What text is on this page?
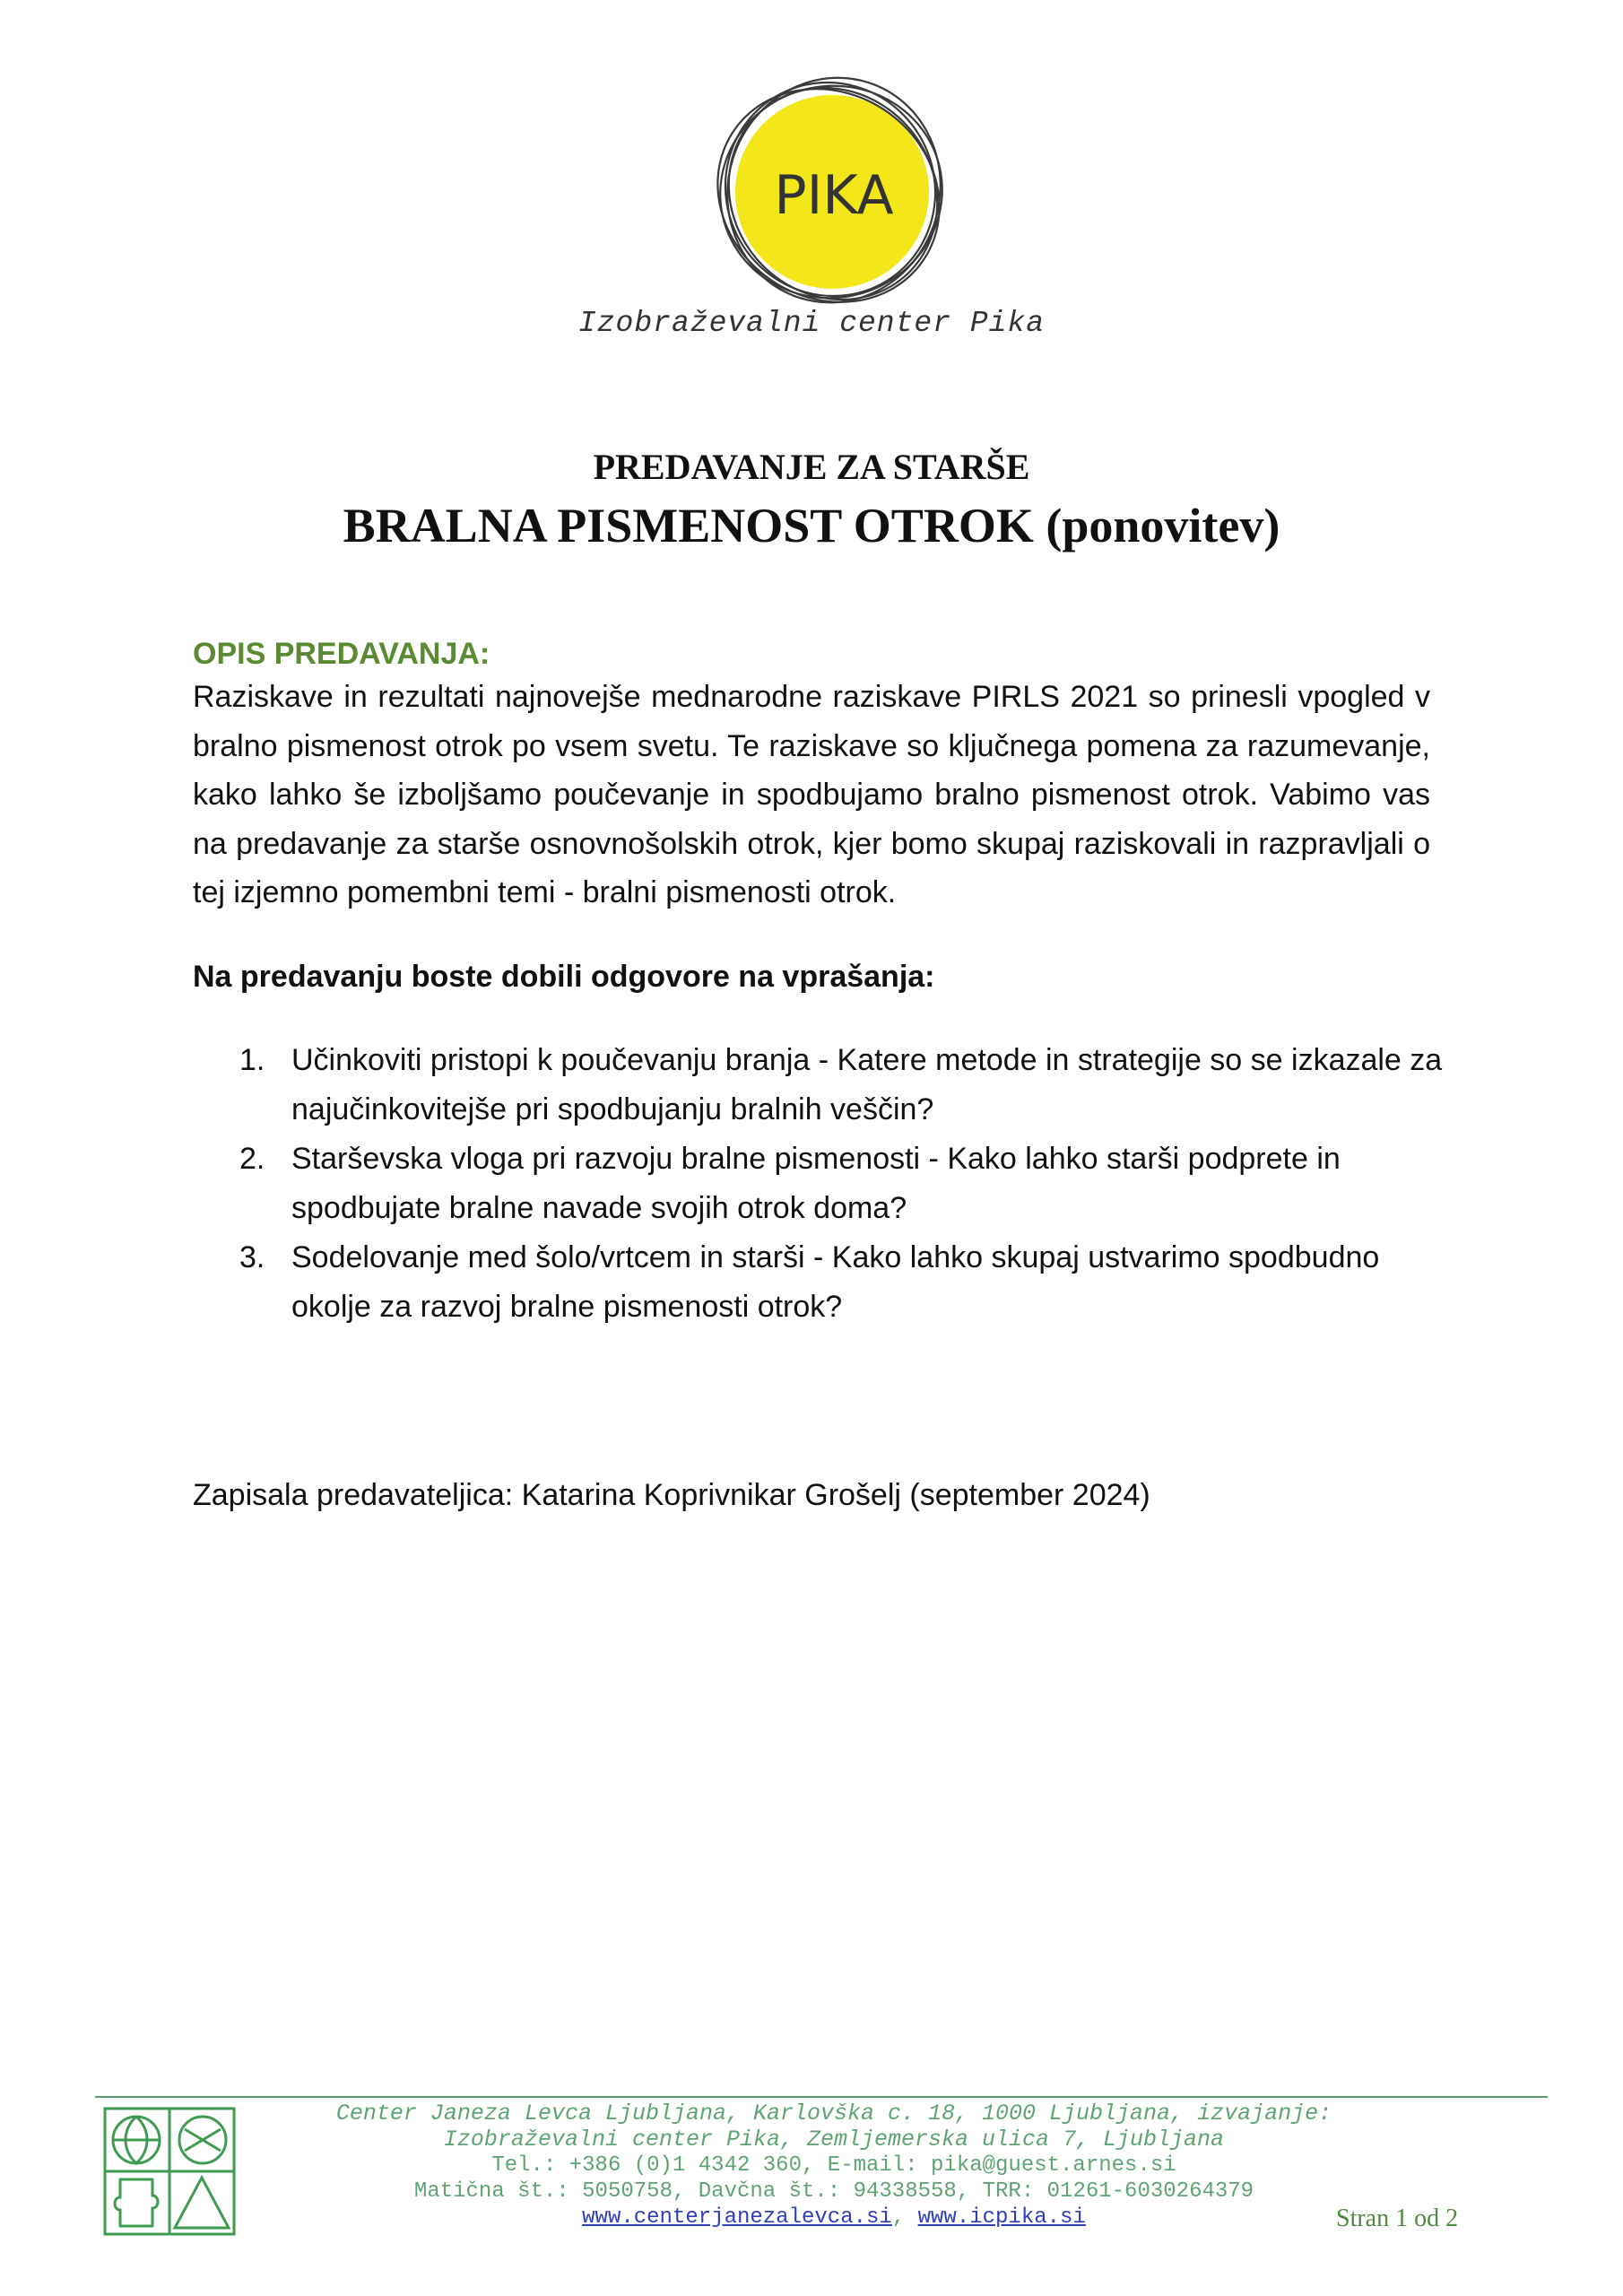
PIKA
Izobraževalni center Pika
PREDAVANJE ZA STARŠE
BRALNA PISMENOST OTROK (ponovitev)
OPIS PREDAVANJA:

Raziskave in rezultati najnovejše mednarodne raziskave PIRLS 2021 so prinesli vpogled v bralno pismenost otrok po vsem svetu. Te raziskave so ključnega pomena za razumevanje, kako lahko še izboljšamo poučevanje in spodbujamo bralno pismenost otrok. Vabimo vas na predavanje za starše osnovnošolskih otrok, kjer bomo skupaj raziskovali in razpravljali o tej izjemno pomembni temi - bralni pismenosti otrok.

Na predavanju boste dobili odgovore na vprašanja:
1. Učinkoviti pristopi k poučevanju branja - Katere metode in strategije so se izkazale za najučinkovitejše pri spodbujanju bralnih veščin?
2. Starševska vloga pri razvoju bralne pismenosti - Kako lahko starši podprete in spodbujate bralne navade svojih otrok doma?
3. Sodelovanje med šolo/vrtcem in starši - Kako lahko skupaj ustvarimo spodbudno okolje za razvoj bralne pismenosti otrok?
Zapisala predavateljica: Katarina Koprivnikar Grošelj (september 2024)
Center Janeza Levca Ljubljana, Karlovška c. 18, 1000 Ljubljana, izvajanje:
Izobraževalni center Pika, Zemljemerska ulica 7, Ljubljana
Tel.: +386 (0)1 4342 360, E-mail: pika@guest.arnes.si
Matična št.: 5050758, Davčna št.: 94338558, TRR: 01261-6030264379
www.centerjanezalevca.si, www.icpika.si	Stran 1 od 2
